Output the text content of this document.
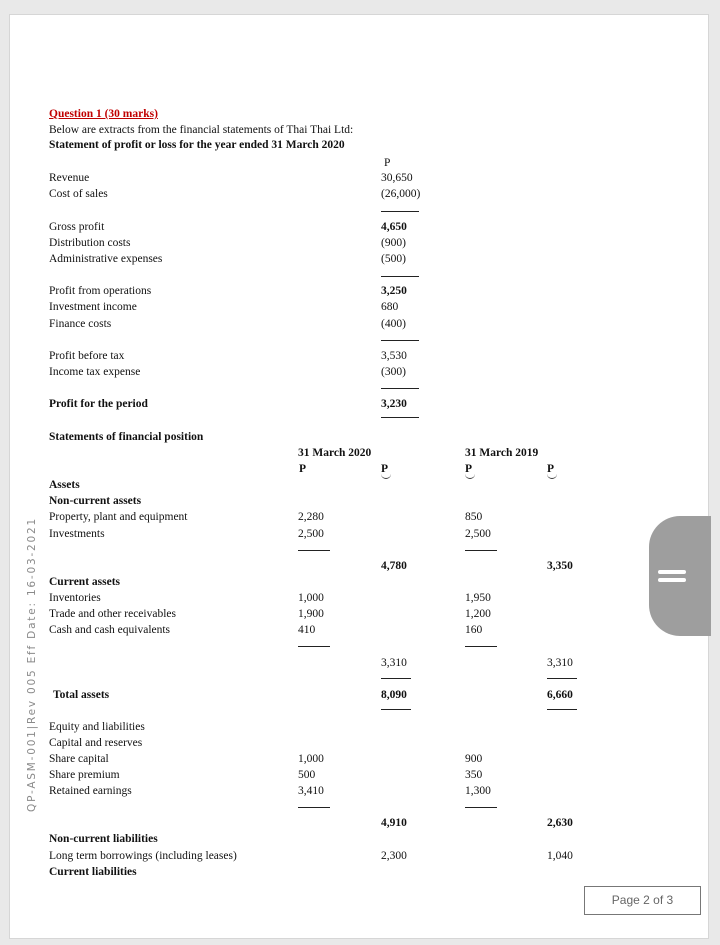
Question 1 (30 marks)
Below are extracts from the financial statements of Thai Thai Ltd:
Statement of profit or loss for the year ended 31 March 2020
P
Revenue	30,650
Cost of sales	(26,000)
Gross profit	4,650
Distribution costs	(900)
Administrative expenses	(500)
Profit from operations	3,250
Investment income	680
Finance costs	(400)
Profit before tax	3,530
Income tax expense	(300)
Profit for the period	3,230
Statements of financial position
31 March 2020	31 March 2019
P	P	P	P
Assets
Non-current assets
Property, plant and equipment	2,280	850
Investments	2,500	2,500
4,780	3,350
Current assets
Inventories	1,000	1,950
Trade and other receivables	1,900	1,200
Cash and cash equivalents	410	160
3,310	3,310
Total assets	8,090	6,660
Equity and liabilities
Capital and reserves
Share capital	1,000	900
Share premium	500	350
Retained earnings	3,410	1,300
4,910	2,630
Non-current liabilities
Long term borrowings (including leases)	2,300	1,040
Current liabilities
QP-ASM-001|Rev 005 Eff Date: 16-03-2021
Page 2 of 3
